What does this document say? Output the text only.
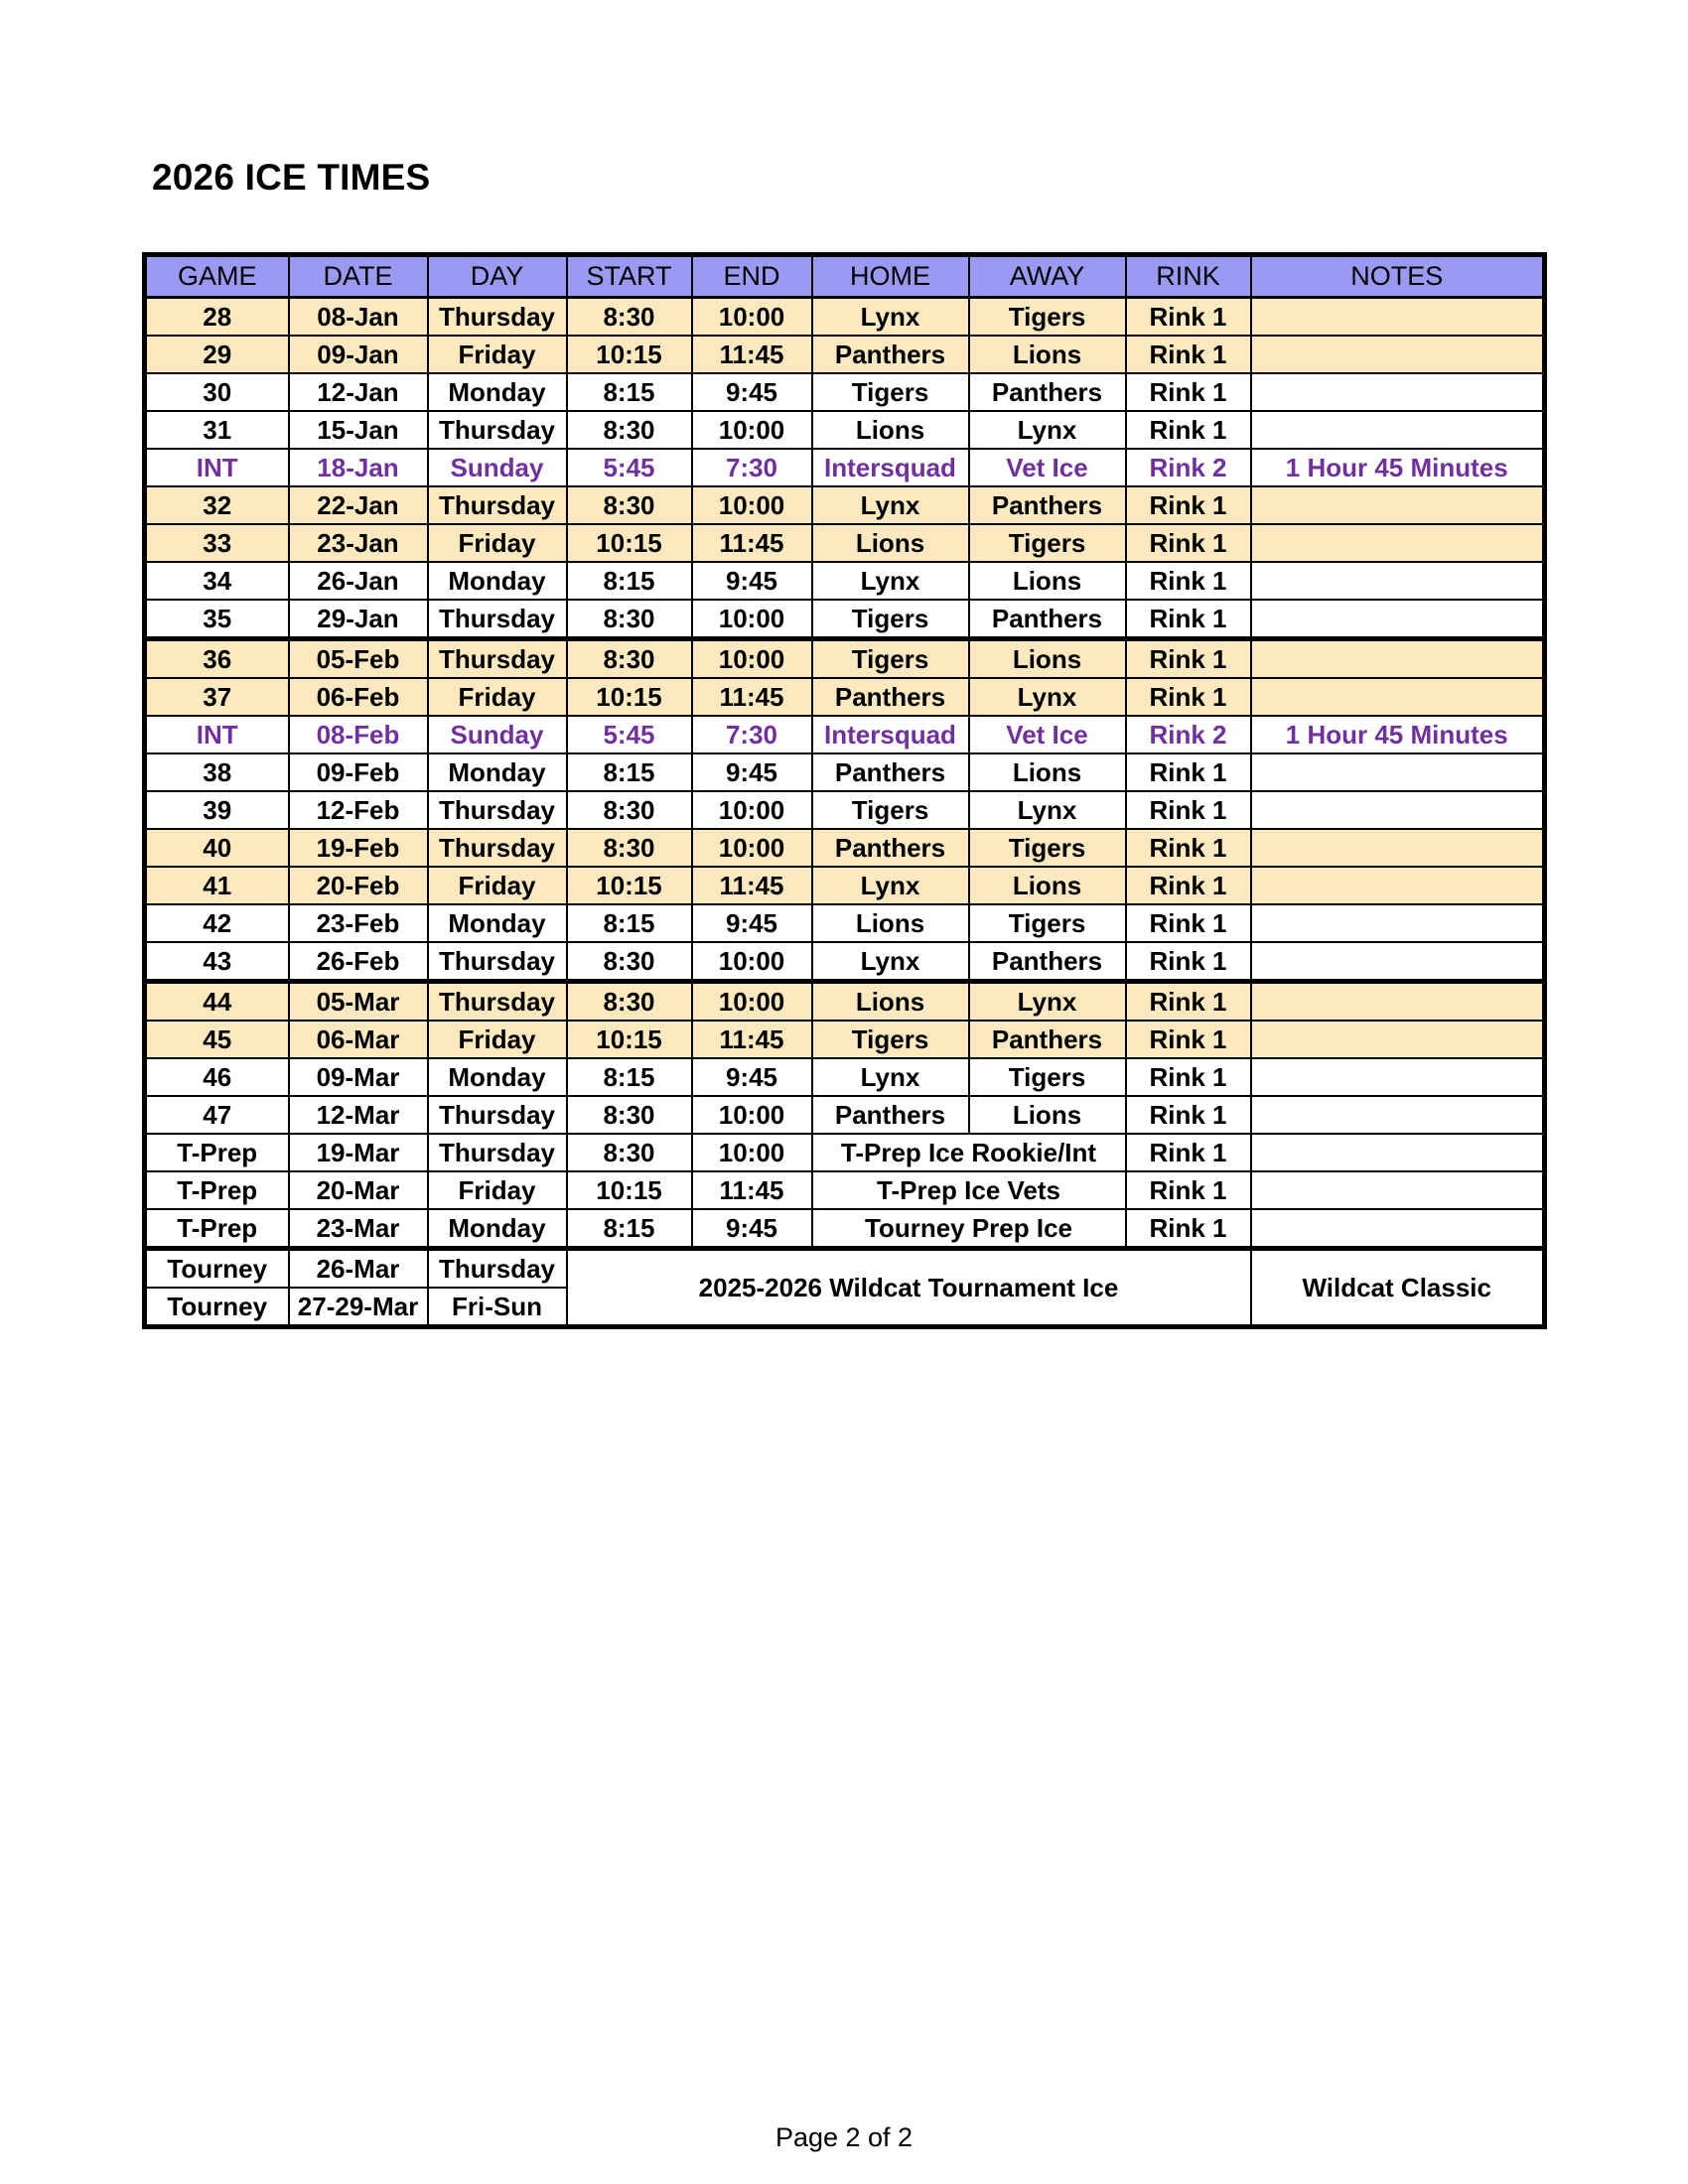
2026 ICE TIMES
GAME	DATE	DAY	START	END	HOME	AWAY	RINK	NOTES
28	08-Jan	Thursday	8:30	10:00	Lynx	Tigers	Rink 1	
29	09-Jan	Friday	10:15	11:45	Panthers	Lions	Rink 1	
30	12-Jan	Monday	8:15	9:45	Tigers	Panthers	Rink 1	
31	15-Jan	Thursday	8:30	10:00	Lions	Lynx	Rink 1	
INT	18-Jan	Sunday	5:45	7:30	Intersquad	Vet Ice	Rink 2	1 Hour 45 Minutes
32	22-Jan	Thursday	8:30	10:00	Lynx	Panthers	Rink 1	
33	23-Jan	Friday	10:15	11:45	Lions	Tigers	Rink 1	
34	26-Jan	Monday	8:15	9:45	Lynx	Lions	Rink 1	
35	29-Jan	Thursday	8:30	10:00	Tigers	Panthers	Rink 1	
36	05-Feb	Thursday	8:30	10:00	Tigers	Lions	Rink 1	
37	06-Feb	Friday	10:15	11:45	Panthers	Lynx	Rink 1	
INT	08-Feb	Sunday	5:45	7:30	Intersquad	Vet Ice	Rink 2	1 Hour 45 Minutes
38	09-Feb	Monday	8:15	9:45	Panthers	Lions	Rink 1	
39	12-Feb	Thursday	8:30	10:00	Tigers	Lynx	Rink 1	
40	19-Feb	Thursday	8:30	10:00	Panthers	Tigers	Rink 1	
41	20-Feb	Friday	10:15	11:45	Lynx	Lions	Rink 1	
42	23-Feb	Monday	8:15	9:45	Lions	Tigers	Rink 1	
43	26-Feb	Thursday	8:30	10:00	Lynx	Panthers	Rink 1	
44	05-Mar	Thursday	8:30	10:00	Lions	Lynx	Rink 1	
45	06-Mar	Friday	10:15	11:45	Tigers	Panthers	Rink 1	
46	09-Mar	Monday	8:15	9:45	Lynx	Tigers	Rink 1	
47	12-Mar	Thursday	8:30	10:00	Panthers	Lions	Rink 1	
T-Prep	19-Mar	Thursday	8:30	10:00	T-Prep Ice Rookie/Int		Rink 1	
T-Prep	20-Mar	Friday	10:15	11:45	T-Prep Ice Vets		Rink 1	
T-Prep	23-Mar	Monday	8:15	9:45	Tourney Prep Ice		Rink 1	
Tourney	26-Mar	Thursday	2025-2026 Wildcat Tournament Ice					Wildcat Classic
Tourney	27-29-Mar	Fri-Sun						
Page 2 of 2
